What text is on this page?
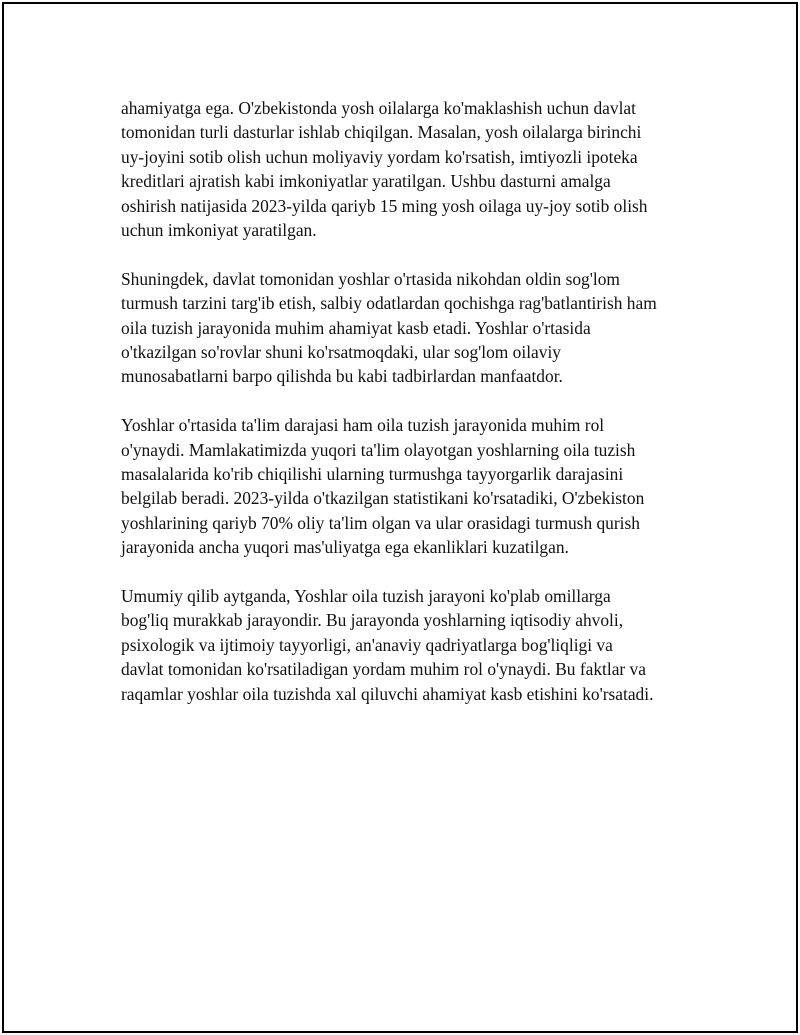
ahamiyatga ega. O'zbekistonda yosh oilalarga ko'maklashish uchun davlat
tomonidan turli dasturlar ishlab chiqilgan. Masalan, yosh oilalarga birinchi
uy-joyini sotib olish uchun moliyaviy yordam ko'rsatish, imtiyozli ipoteka
kreditlari ajratish kabi imkoniyatlar yaratilgan. Ushbu dasturni amalga
oshirish natijasida 2023-yilda qariyb 15 ming yosh oilaga uy-joy sotib olish
uchun imkoniyat yaratilgan.

Shuningdek, davlat tomonidan yoshlar o'rtasida nikohdan oldin sog'lom
turmush tarzini targ'ib etish, salbiy odatlardan qochishga rag'batlantirish ham
oila tuzish jarayonida muhim ahamiyat kasb etadi. Yoshlar o'rtasida
o'tkazilgan so'rovlar shuni ko'rsatmoqdaki, ular sog'lom oilaviy
munosabatlarni barpo qilishda bu kabi tadbirlardan manfaatdor.

Yoshlar o'rtasida ta'lim darajasi ham oila tuzish jarayonida muhim rol
o'ynaydi. Mamlakatimizda yuqori ta'lim olayotgan yoshlarning oila tuzish
masalalarida ko'rib chiqilishi ularning turmushga tayyorgarlik darajasini
belgilab beradi. 2023-yilda o'tkazilgan statistikani ko'rsatadiki, O'zbekiston
yoshlarining qariyb 70% oliy ta'lim olgan va ular orasidagi turmush qurish
jarayonida ancha yuqori mas'uliyatga ega ekanliklari kuzatilgan.

Umumiy qilib aytganda, Yoshlar oila tuzish jarayoni ko'plab omillarga
bog'liq murakkab jarayondir. Bu jarayonda yoshlarning iqtisodiy ahvoli,
psixologik va ijtimoiy tayyorligi, an'anaviy qadriyatlarga bog'liqligi va
davlat tomonidan ko'rsatiladigan yordam muhim rol o'ynaydi. Bu faktlar va
raqamlar yoshlar oila tuzishda xal qiluvchi ahamiyat kasb etishini ko'rsatadi.
